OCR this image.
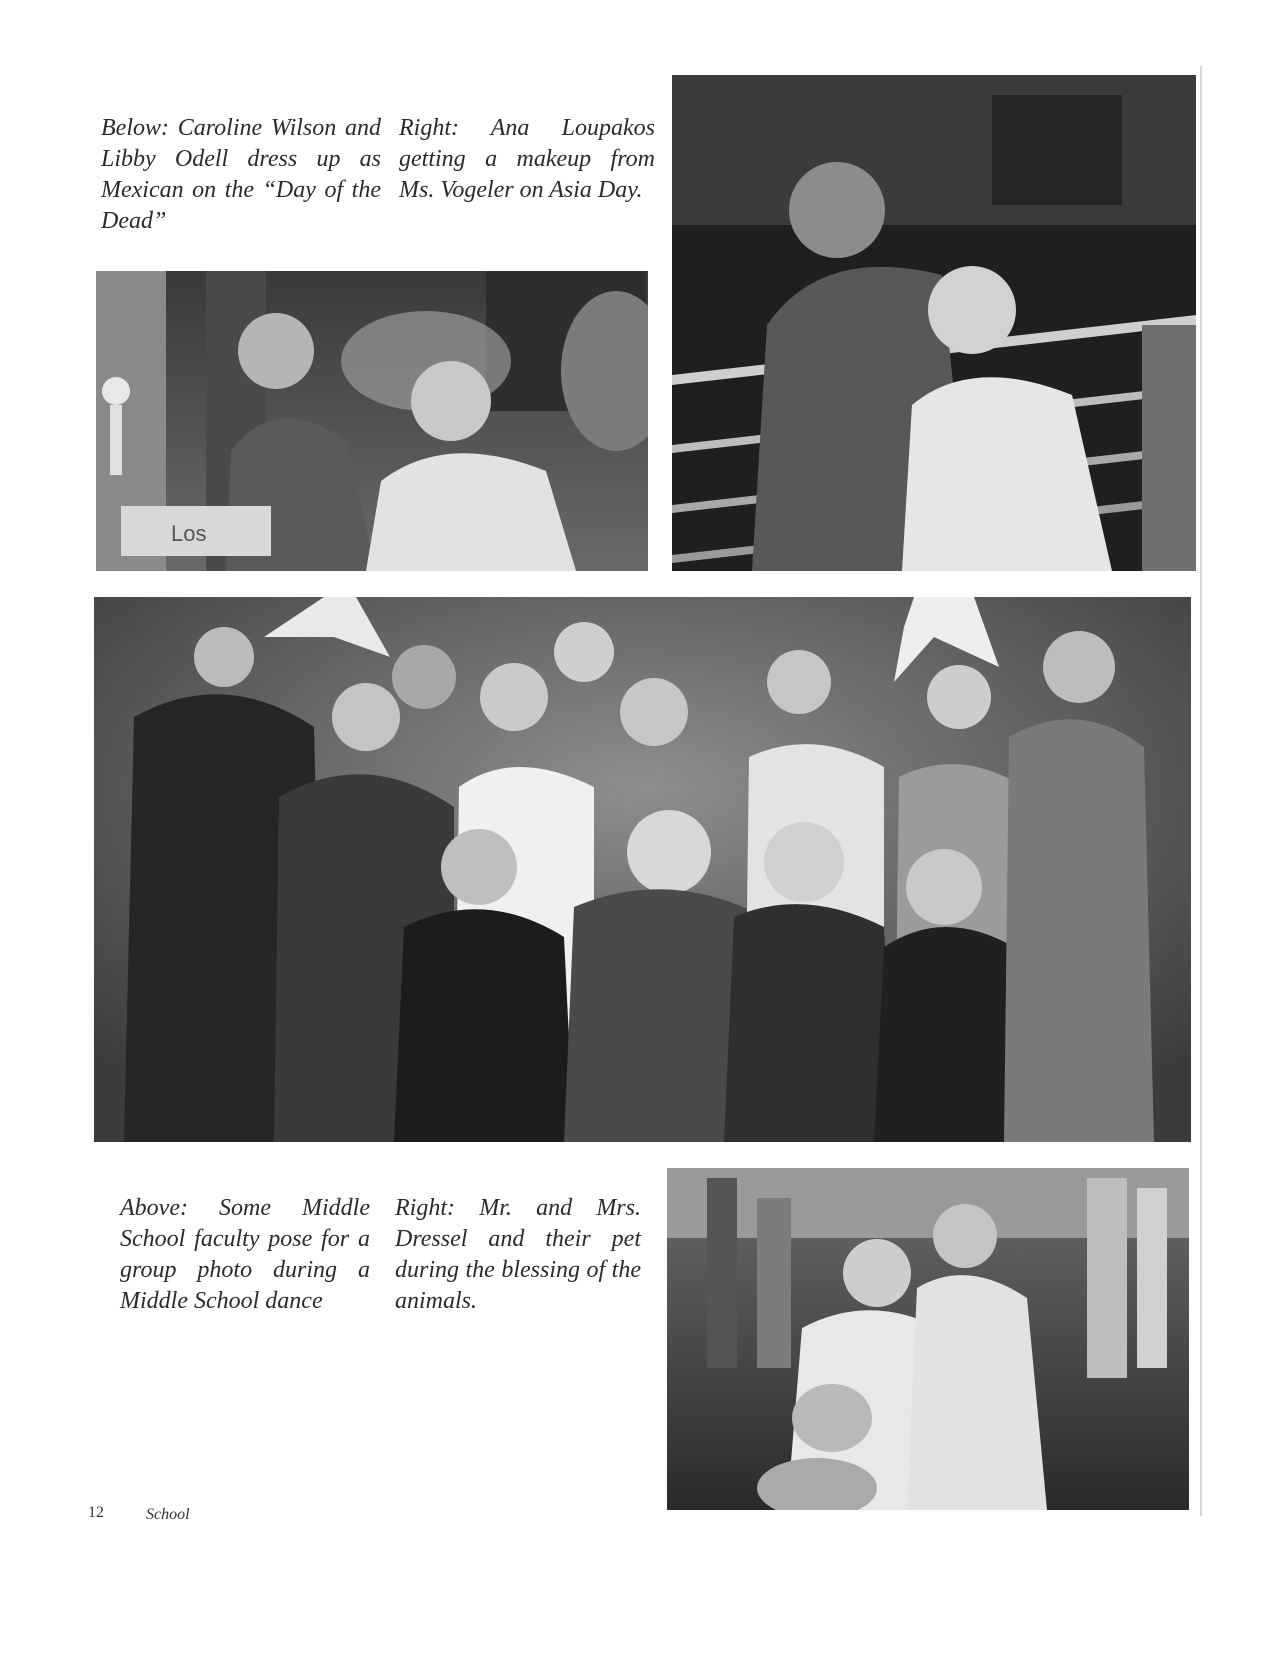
Below: Caroline Wilson and Libby Odell dress up as Mexican on the “Day of the Dead”

Right: Ana Loupakos getting a makeup from Ms. Vogeler on Asia Day.

Los

Above: Some Middle School faculty pose for a group photo during a Middle School dance

Right: Mr. and Mrs. Dressel and their pet during the blessing of the animals.

12	School
